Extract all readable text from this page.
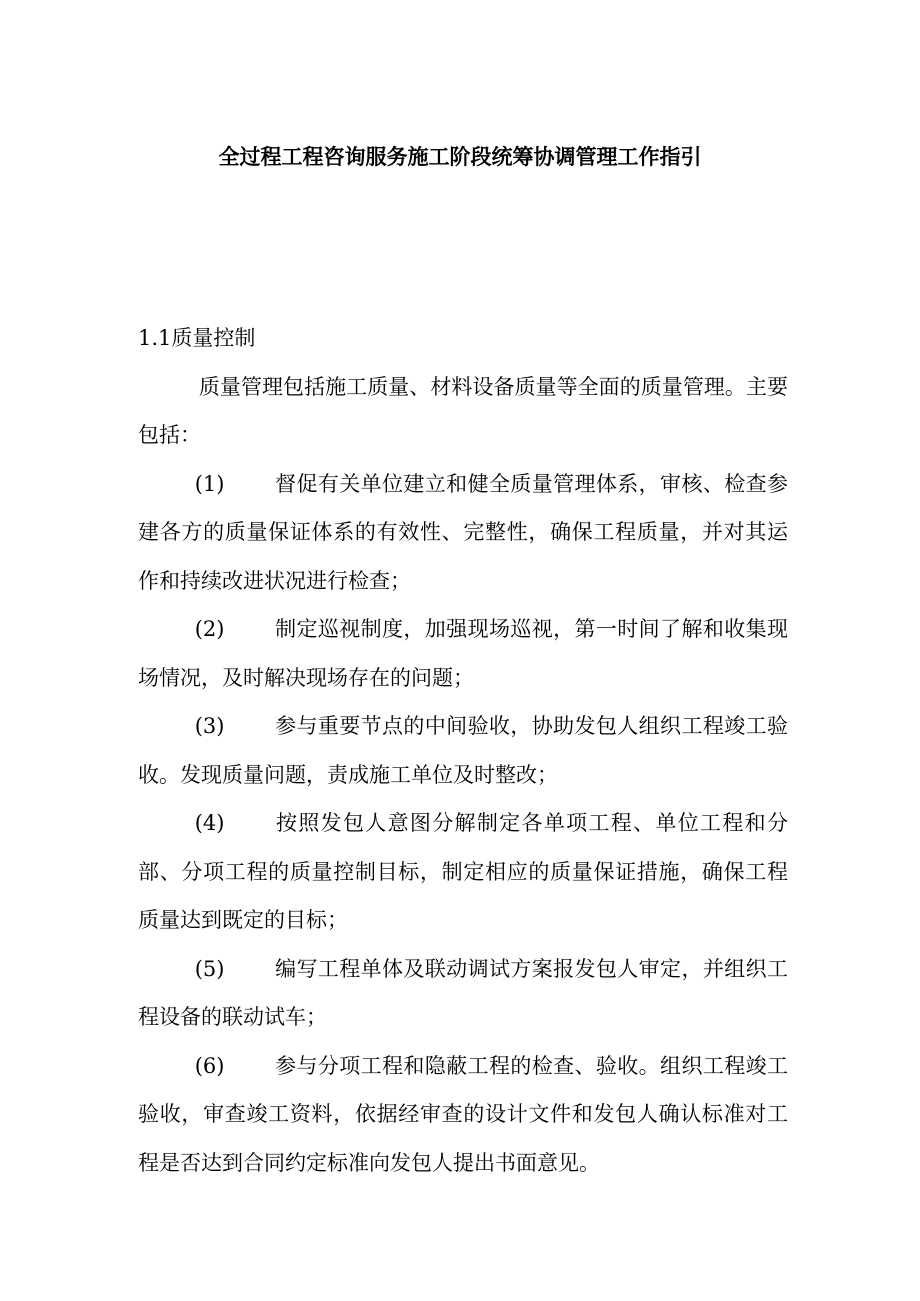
全过程工程咨询服务施工阶段统筹协调管理工作指引
1.1质量控制

质量管理包括施工质量、材料设备质量等全面的质量管理。主要包括：

(1) 督促有关单位建立和健全质量管理体系，审核、检查参建各方的质量保证体系的有效性、完整性，确保工程质量，并对其运作和持续改进状况进行检查；

(2) 制定巡视制度，加强现场巡视，第一时间了解和收集现场情况，及时解决现场存在的问题；

(3) 参与重要节点的中间验收，协助发包人组织工程竣工验收。发现质量问题，责成施工单位及时整改；

(4) 按照发包人意图分解制定各单项工程、单位工程和分部、分项工程的质量控制目标，制定相应的质量保证措施，确保工程质量达到既定的目标；

(5) 编写工程单体及联动调试方案报发包人审定，并组织工程设备的联动试车；

(6) 参与分项工程和隐蔽工程的检查、验收。组织工程竣工验收，审查竣工资料，依据经审查的设计文件和发包人确认标准对工程是否达到合同约定标准向发包人提出书面意见。
